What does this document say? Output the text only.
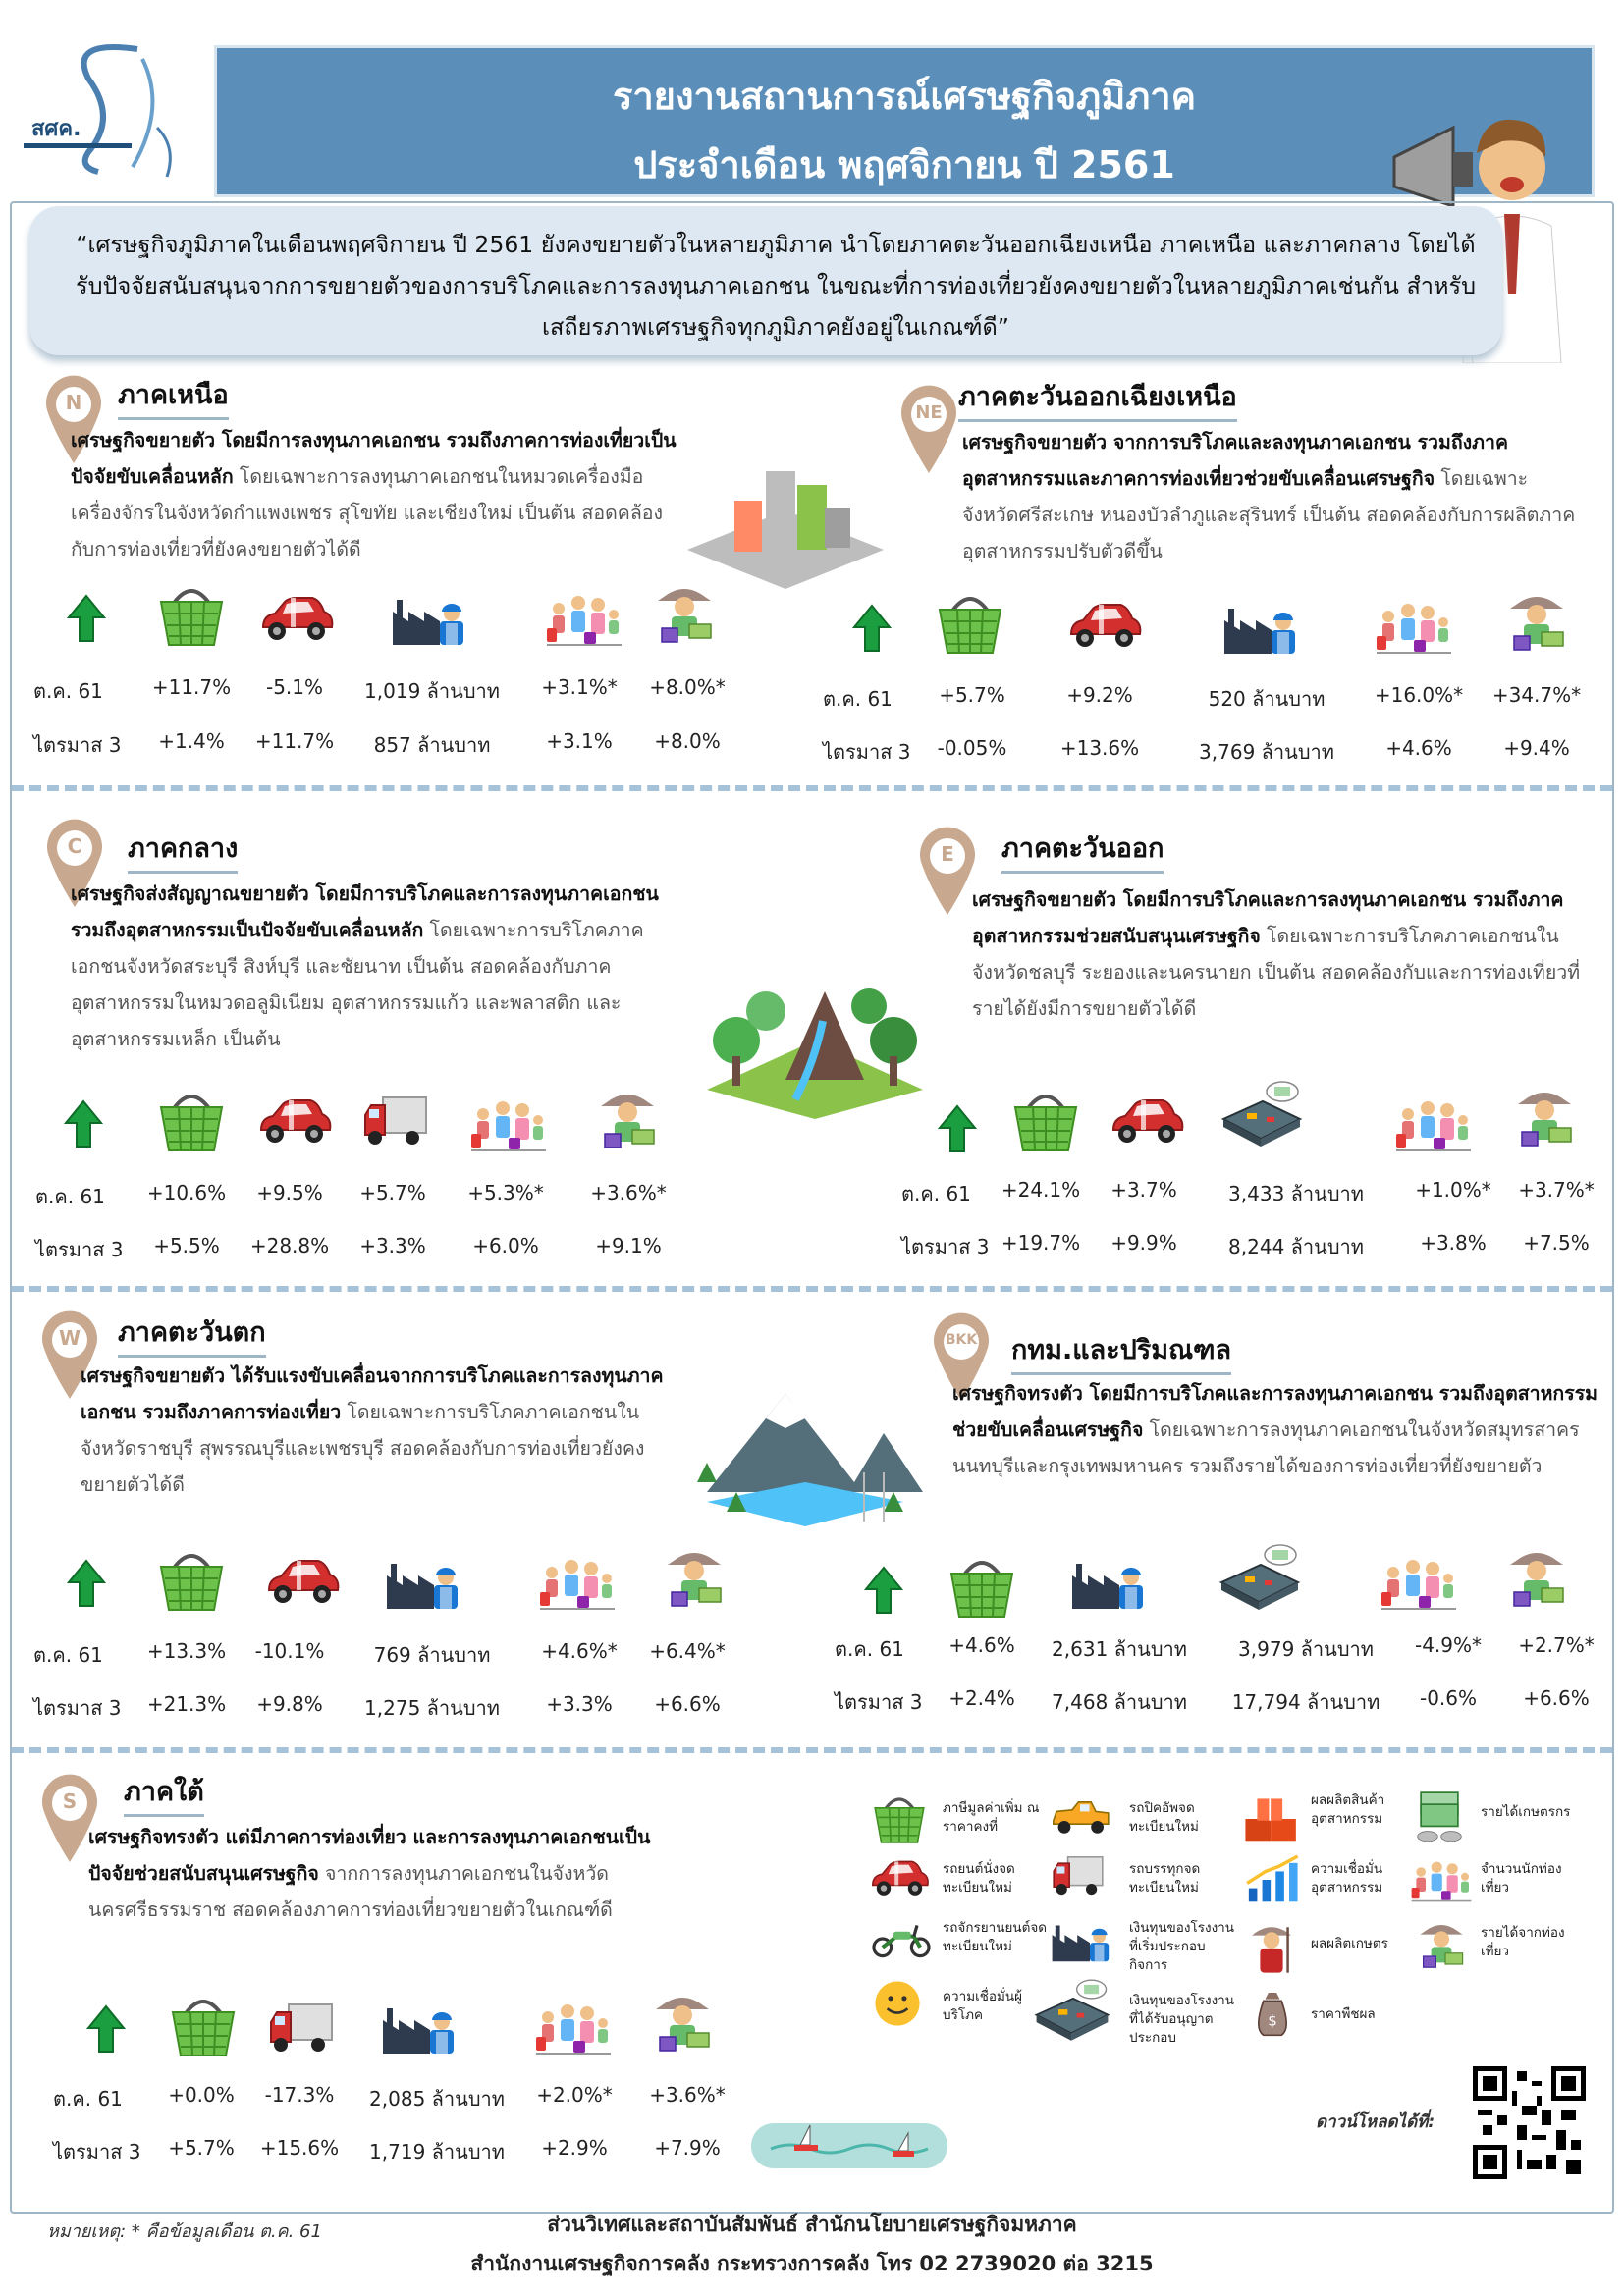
สศค.
รายงานสถานการณ์เศรษฐกิจภูมิภาค
ประจำเดือน พฤศจิกายน ปี 2561

“เศรษฐกิจภูมิภาคในเดือนพฤศจิกายน ปี 2561 ยังคงขยายตัวในหลายภูมิภาค นำโดยภาคตะวันออกเฉียงเหนือ ภาคเหนือ และภาคกลาง โดยได้รับปัจจัยสนับสนุนจากการขยายตัวของการบริโภคและการลงทุนภาคเอกชน ในขณะที่การท่องเที่ยวยังคงขยายตัวในหลายภูมิภาคเช่นกัน สำหรับเสถียรภาพเศรษฐกิจทุกภูมิภาคยังอยู่ในเกณฑ์ดี”

N	ภาคเหนือ
เศรษฐกิจขยายตัว โดยมีการลงทุนภาคเอกชน รวมถึงภาคการท่องเที่ยวเป็นปัจจัยขับเคลื่อนหลัก โดยเฉพาะการลงทุนภาคเอกชนในหมวดเครื่องมือเครื่องจักรในจังหวัดกำแพงเพชร สุโขทัย และเชียงใหม่ เป็นต้น สอดคล้องกับการท่องเที่ยวที่ยังคงขยายตัวได้ดี
ต.ค. 61	+11.7%	-5.1%	1,019 ล้านบาท	+3.1%*	+8.0%*
ไตรมาส 3	+1.4%	+11.7%	857 ล้านบาท	+3.1%	+8.0%
NE
ภาคตะวันออกเฉียงเหนือ
เศรษฐกิจขยายตัว จากการบริโภคและลงทุนภาคเอกชน รวมถึงภาคอุตสาหกรรมและภาคการท่องเที่ยวช่วยขับเคลื่อนเศรษฐกิจ โดยเฉพาะจังหวัดศรีสะเกษ หนองบัวลำภูและสุรินทร์ เป็นต้น สอดคล้องกับการผลิตภาคอุตสาหกรรมปรับตัวดีขึ้น
ต.ค. 61	+5.7%	+9.2%	520 ล้านบาท	+16.0%*	+34.7%*
ไตรมาส 3	-0.05%	+13.6%	3,769 ล้านบาท	+4.6%	+9.4%
C	ภาคกลาง
เศรษฐกิจส่งสัญญาณขยายตัว โดยมีการบริโภคและการลงทุนภาคเอกชน รวมถึงอุตสาหกรรมเป็นปัจจัยขับเคลื่อนหลัก โดยเฉพาะการบริโภคภาคเอกชนจังหวัดสระบุรี สิงห์บุรี และชัยนาท เป็นต้น สอดคล้องกับภาคอุตสาหกรรมในหมวดอลูมิเนียม อุตสาหกรรมแก้ว และพลาสติก และอุตสาหกรรมเหล็ก เป็นต้น
ต.ค. 61	+10.6%	+9.5%	+5.7%	+5.3%*	+3.6%*
ไตรมาส 3	+5.5%	+28.8%	+3.3%	+6.0%	+9.1%
E	ภาคตะวันออก
เศรษฐกิจขยายตัว โดยมีการบริโภคและการลงทุนภาคเอกชน รวมถึงภาคอุตสาหกรรมช่วยสนับสนุนเศรษฐกิจ โดยเฉพาะการบริโภคภาคเอกชนในจังหวัดชลบุรี ระยองและนครนายก เป็นต้น สอดคล้องกับและการท่องเที่ยวที่รายได้ยังมีการขยายตัวได้ดี
ต.ค. 61	+24.1%	+3.7%	3,433 ล้านบาท	+1.0%*	+3.7%*
ไตรมาส 3 +19.7%	+9.9%	8,244 ล้านบาท	+3.8%	+7.5%
W	ภาคตะวันตก
เศรษฐกิจขยายตัว ได้รับแรงขับเคลื่อนจากการบริโภคและการลงทุนภาคเอกชน รวมถึงภาคการท่องเที่ยว โดยเฉพาะการบริโภคภาคเอกชนในจังหวัดราชบุรี สุพรรณบุรีและเพชรบุรี สอดคล้องกับการท่องเที่ยวยังคงขยายตัวได้ดี
ต.ค. 61	+13.3%	-10.1%	769 ล้านบาท	+4.6%*	+6.4%*
ไตรมาส 3	+21.3%	+9.8%	1,275 ล้านบาท	+3.3%	+6.6%
BKK	กทม.และปริมณฑล
เศรษฐกิจทรงตัว โดยมีการบริโภคและการลงทุนภาคเอกชน รวมถึงอุตสาหกรรมช่วยขับเคลื่อนเศรษฐกิจ โดยเฉพาะการลงทุนภาคเอกชนในจังหวัดสมุทรสาคร นนทบุรีและกรุงเทพมหานคร รวมถึงรายได้ของการท่องเที่ยวที่ยังขยายตัว
ต.ค. 61	+4.6%	2,631 ล้านบาท	3,979 ล้านบาท	-4.9%*	+2.7%*
ไตรมาส 3	+2.4%	7,468 ล้านบาท	17,794 ล้านบาท	-0.6%	+6.6%
S	ภาคใต้
เศรษฐกิจทรงตัว แต่มีภาคการท่องเที่ยว และการลงทุนภาคเอกชนเป็นปัจจัยช่วยสนับสนุนเศรษฐกิจ จากการลงทุนภาคเอกชนในจังหวัดนครศรีธรรมราช สอดคล้องภาคการท่องเที่ยวขยายตัวในเกณฑ์ดี
ต.ค. 61	+0.0%	-17.3%	2,085 ล้านบาท	+2.0%*	+3.6%*
ไตรมาส 3	+5.7%	+15.6%	1,719 ล้านบาท	+2.9%	+7.9%
ภาษีมูลค่าเพิ่ม ณ ราคาคงที่
รถยนต์นั่งจดทะเบียนใหม่
รถจักรยานยนต์จดทะเบียนใหม่
ความเชื่อมั่นผู้บริโภค
รถปิคอัพจดทะเบียนใหม่
รถบรรทุกจดทะเบียนใหม่
เงินทุนของโรงงานที่เริ่มประกอบกิจการ
เงินทุนของโรงงานที่ได้รับอนุญาตประกอบ
ผลผลิตสินค้าอุตสาหกรรม
ความเชื่อมั่นอุตสาหกรรม
ผลผลิตเกษตร
ราคาพืชผล
รายได้เกษตรกร
จำนวนนักท่องเที่ยว
รายได้จากท่องเที่ยว
ดาวน์โหลดได้ที่:
หมายเหตุ: * คือข้อมูลเดือน ต.ค. 61	ส่วนวิเทศและสถาบันสัมพันธ์ สำนักนโยบายเศรษฐกิจมหภาค
สำนักงานเศรษฐกิจการคลัง กระทรวงการคลัง โทร 02 2739020 ต่อ 3215
